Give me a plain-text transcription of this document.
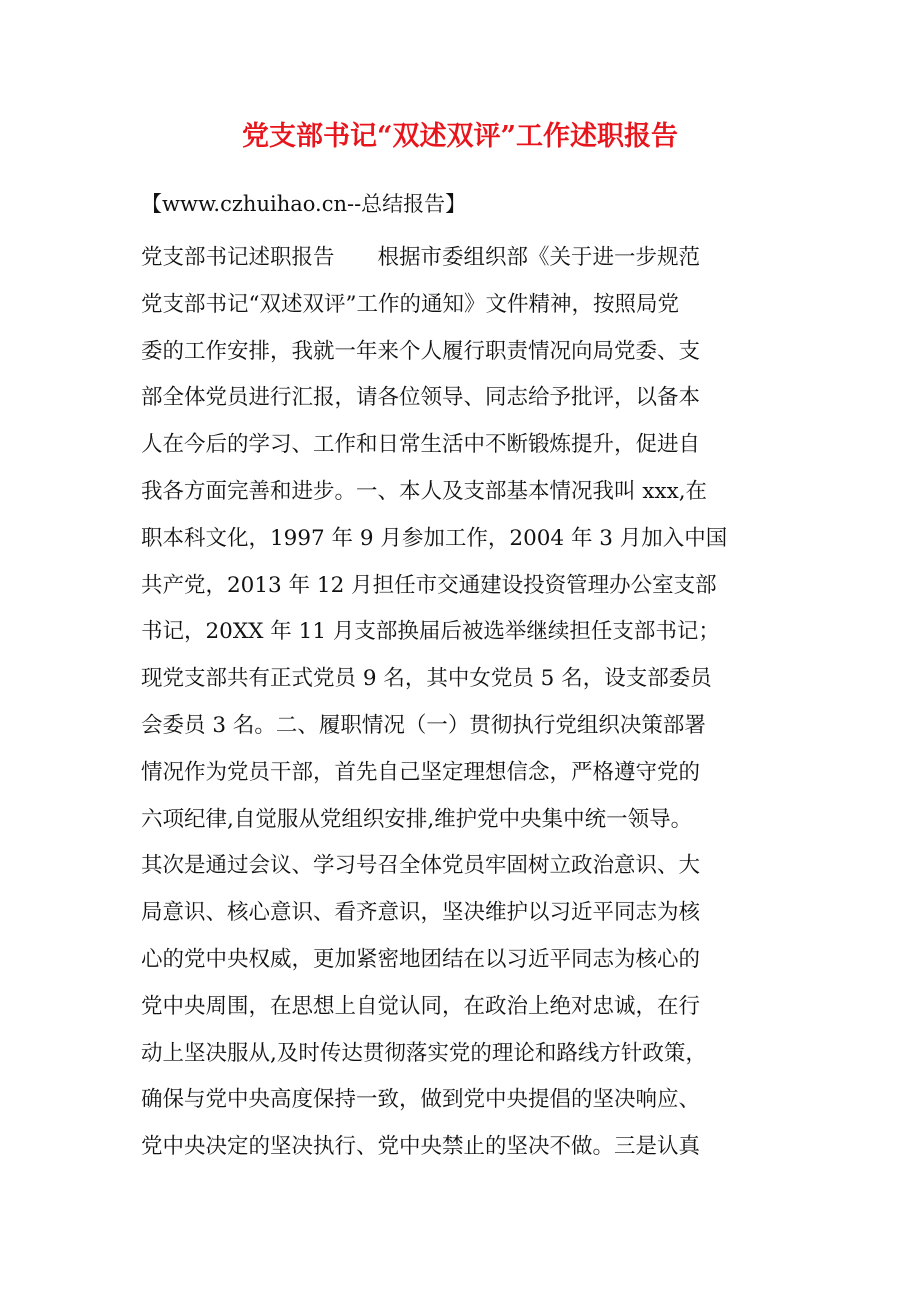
党支部书记“双述双评”工作述职报告
【www.czhuihao.cn--总结报告】
党支部书记述职报告　　根据市委组织部《关于进一步规范
党支部书记“双述双评”工作的通知》文件精神，按照局党
委的工作安排，我就一年来个人履行职责情况向局党委、支
部全体党员进行汇报，请各位领导、同志给予批评，以备本
人在今后的学习、工作和日常生活中不断锻炼提升，促进自
我各方面完善和进步。一、本人及支部基本情况我叫 xxx,在
职本科文化，1997 年 9 月参加工作，2004 年 3 月加入中国
共产党，2013 年 12 月担任市交通建设投资管理办公室支部
书记，20XX 年 11 月支部换届后被选举继续担任支部书记；
现党支部共有正式党员 9 名，其中女党员 5 名，设支部委员
会委员 3 名。二、履职情况（一）贯彻执行党组织决策部署
情况作为党员干部，首先自己坚定理想信念，严格遵守党的
六项纪律,自觉服从党组织安排,维护党中央集中统一领导。
其次是通过会议、学习号召全体党员牢固树立政治意识、大
局意识、核心意识、看齐意识，坚决维护以习近平同志为核
心的党中央权威，更加紧密地团结在以习近平同志为核心的
党中央周围，在思想上自觉认同，在政治上绝对忠诚，在行
动上坚决服从,及时传达贯彻落实党的理论和路线方针政策，
确保与党中央高度保持一致，做到党中央提倡的坚决响应、
党中央决定的坚决执行、党中央禁止的坚决不做。三是认真
